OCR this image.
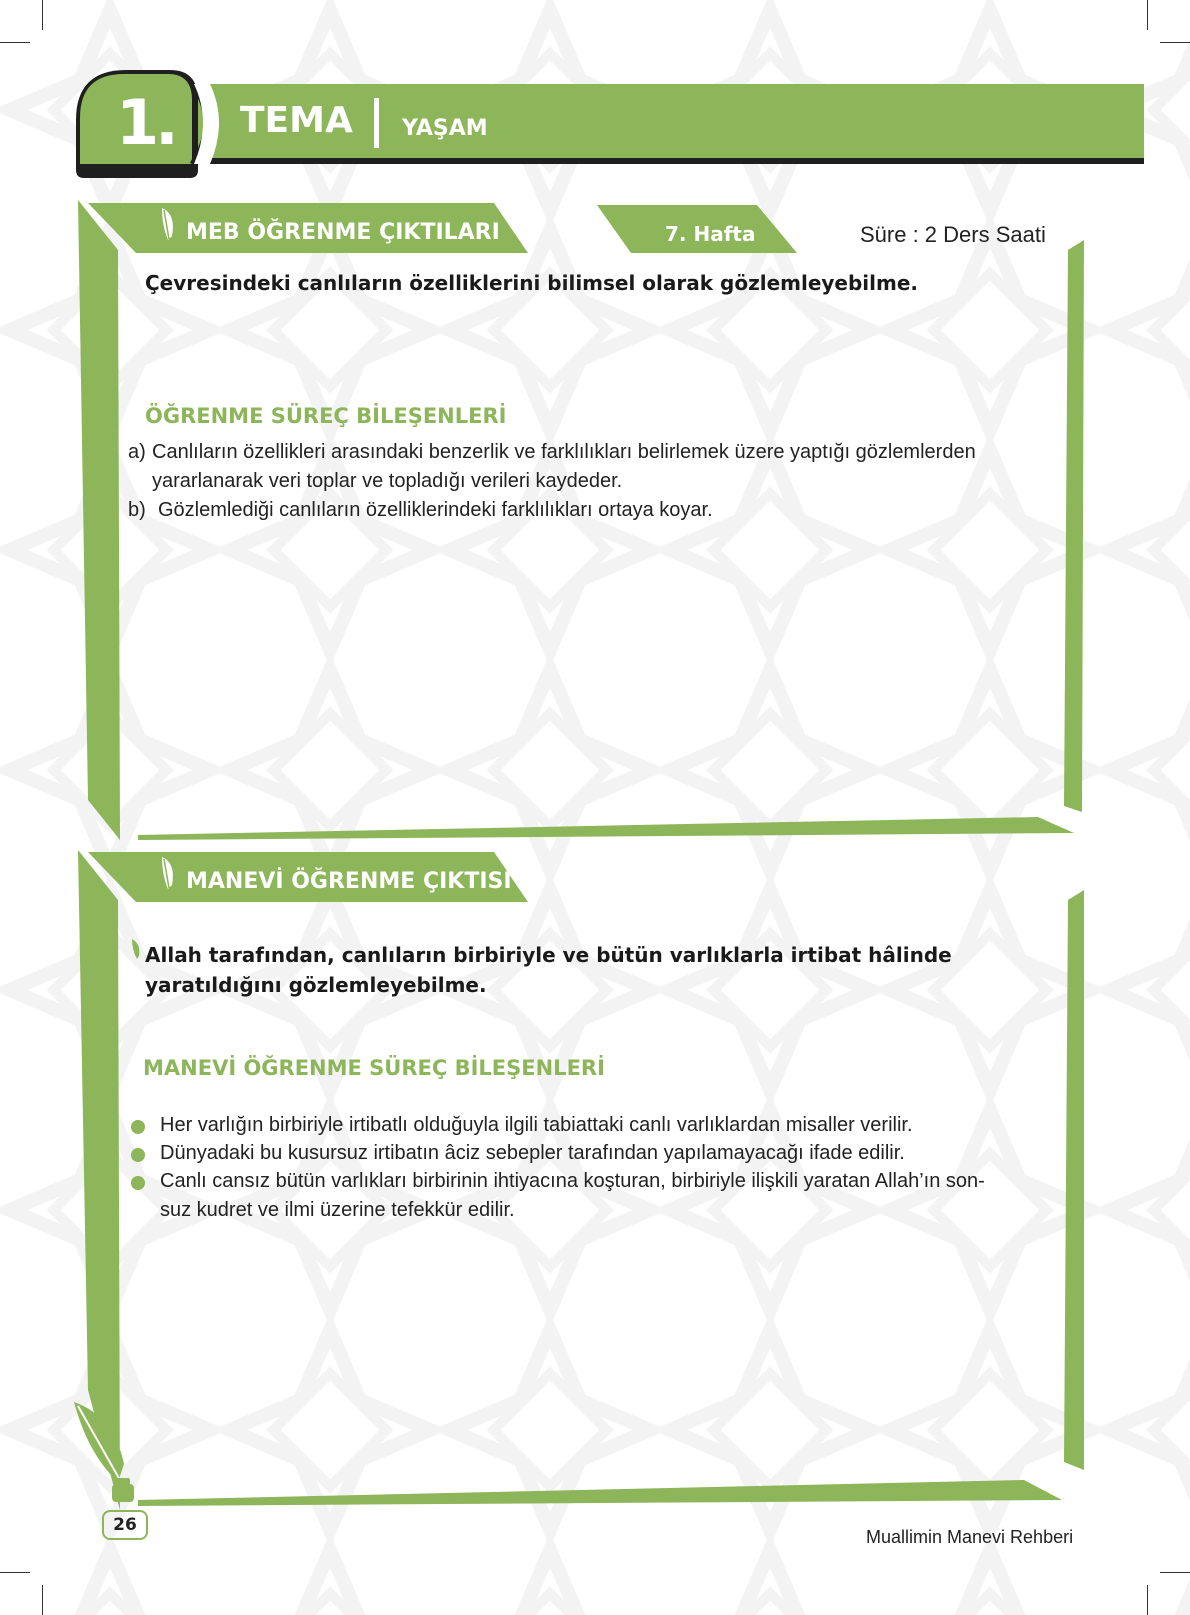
1. TEMA YAŞAM
MEB ÖĞRENME ÇIKTILARI	7. Hafta	Süre : 2 Ders Saati
Çevresindeki canlıların özelliklerini bilimsel olarak gözlemleyebilme.
ÖĞRENME SÜREÇ BİLEŞENLERİ
a) Canlıların özellikleri arasındaki benzerlik ve farklılıkları belirlemek üzere yaptığı gözlemlerden
yararlanarak veri toplar ve topladığı verileri kaydeder.
b) Gözlemlediği canlıların özelliklerindeki farklılıkları ortaya koyar.
MANEVİ ÖĞRENME ÇIKTISI
Allah tarafından, canlıların birbiriyle ve bütün varlıklarla irtibat hâlinde
yaratıldığını gözlemleyebilme.
MANEVİ ÖĞRENME SÜREÇ BİLEŞENLERİ
Her varlığın birbiriyle irtibatlı olduğuyla ilgili tabiattaki canlı varlıklardan misaller verilir.
Dünyadaki bu kusursuz irtibatın âciz sebepler tarafından yapılamayacağı ifade edilir.
Canlı cansız bütün varlıkları birbirinin ihtiyacına koşturan, birbiriyle ilişkili yaratan Allah’ın son-
suz kudret ve ilmi üzerine tefekkür edilir.
26
Muallimin Manevi Rehberi
